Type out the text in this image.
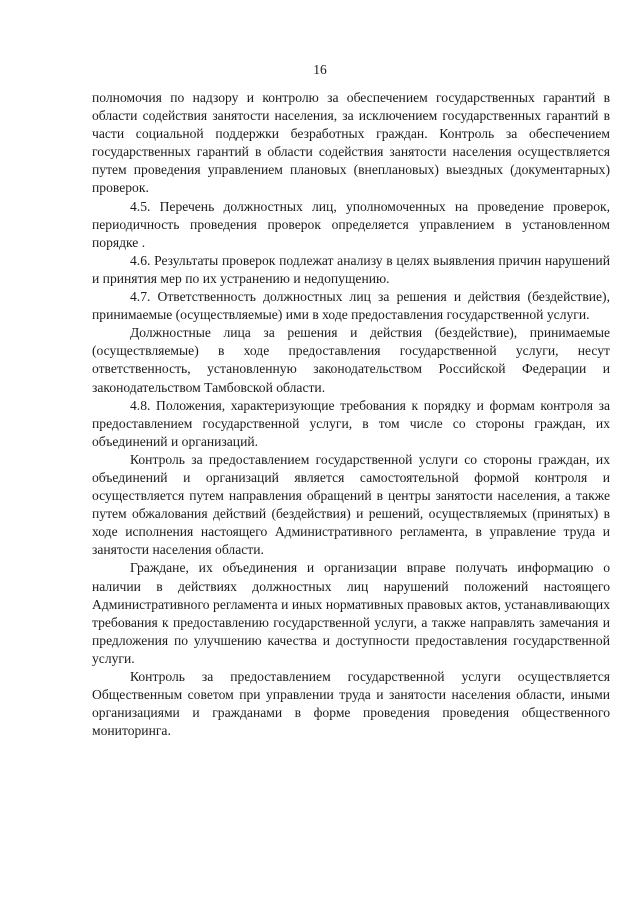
16

полномочия по надзору и контролю за обеспечением государственных гарантий в области содействия занятости населения, за исключением государственных гарантий в части социальной поддержки безработных граждан. Контроль за обеспечением государственных гарантий в области содействия занятости населения осуществляется путем проведения управлением плановых (внеплановых) выездных (документарных) проверок.

4.5. Перечень должностных лиц, уполномоченных на проведение проверок, периодичность проведения проверок определяется управлением в установленном порядке .

4.6. Результаты проверок подлежат анализу в целях выявления причин нарушений и принятия мер по их устранению и недопущению.

4.7. Ответственность должностных лиц за решения и действия (бездействие), принимаемые (осуществляемые) ими в ходе предоставления государственной услуги.

Должностные лица за решения и действия (бездействие), принимаемые (осуществляемые) в ходе предоставления государственной услуги, несут ответственность, установленную законодательством Российской Федерации и законодательством Тамбовской области.

4.8. Положения, характеризующие требования к порядку и формам контроля за предоставлением государственной услуги, в том числе со стороны граждан, их объединений и организаций.

Контроль за предоставлением государственной услуги со стороны граждан, их объединений и организаций является самостоятельной формой контроля и осуществляется путем направления обращений в центры занятости населения, а также путем обжалования действий (бездействия) и решений, осуществляемых (принятых) в ходе исполнения настоящего Административного регламента, в управление труда и занятости населения области.

Граждане, их объединения и организации вправе получать информацию о наличии в действиях должностных лиц нарушений положений настоящего Административного регламента и иных нормативных правовых актов, устанавливающих требования к предоставлению государственной услуги, а также направлять замечания и предложения по улучшению качества и доступности предоставления государственной услуги.

Контроль за предоставлением государственной услуги осуществляется Общественным советом при управлении труда и занятости населения области, иными организациями и гражданами в форме проведения проведения общественного мониторинга.
